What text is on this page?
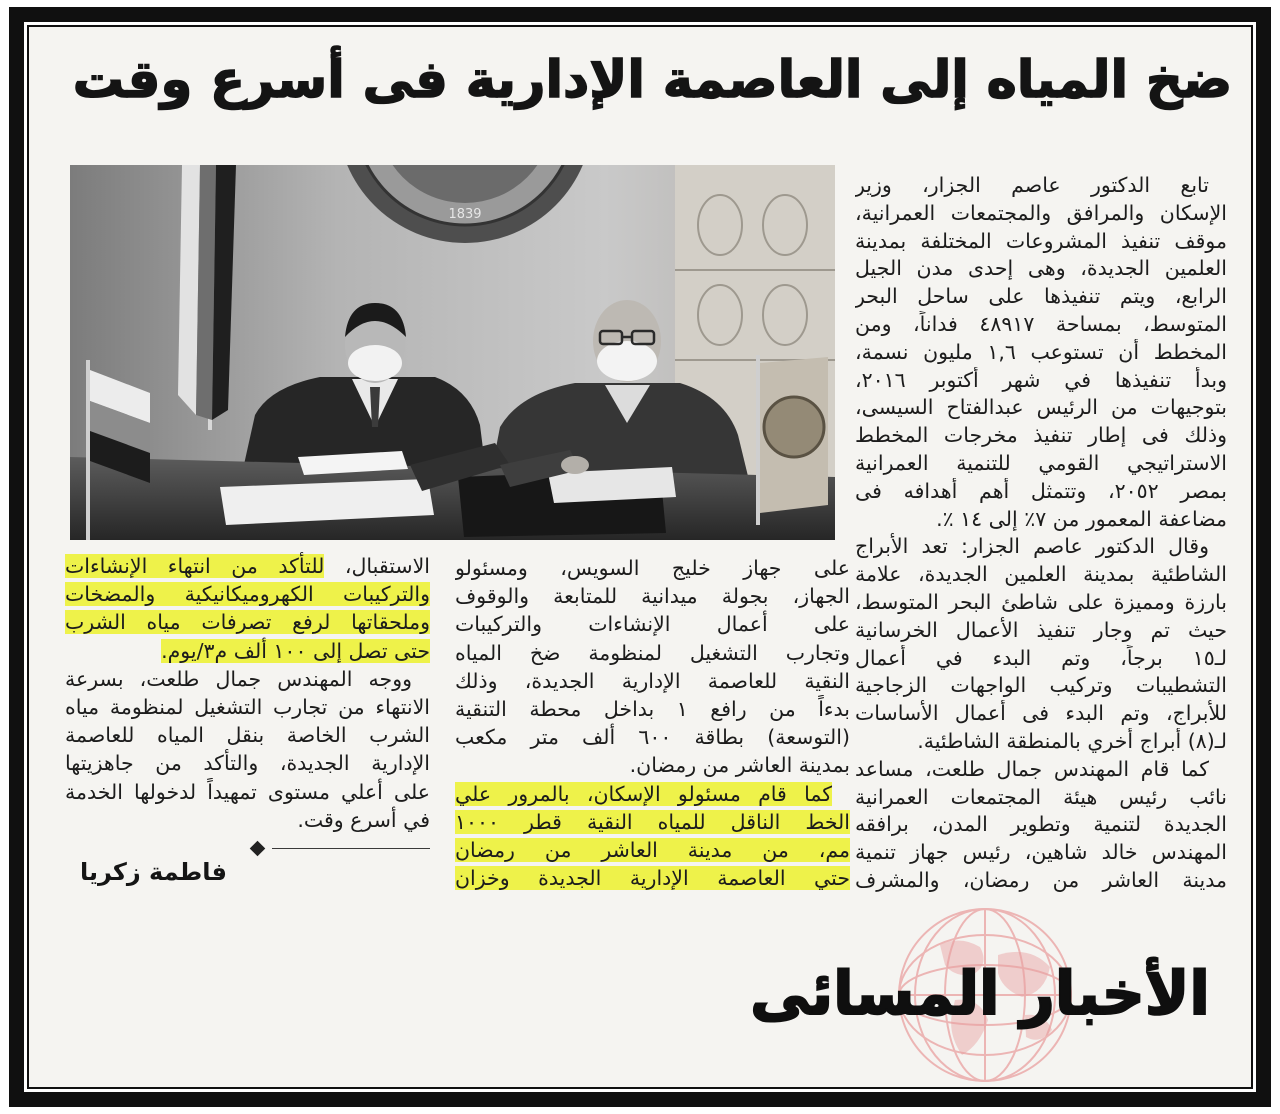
ضخ المياه إلى العاصمة الإدارية فى أسرع وقت
1839
تابع الدكتور عاصم الجزار، وزير
الإسكان والمرافق والمجتمعات العمرانية،
موقف تنفيذ المشروعات المختلفة بمدينة
العلمين الجديدة، وهى إحدى مدن الجيل
الرابع، ويتم تنفيذها على ساحل البحر
المتوسط، بمساحة ٤٨٩١٧ فداناً، ومن
المخطط أن تستوعب ١,٦ مليون نسمة،
وبدأ تنفيذها في شهر أكتوبر ٢٠١٦،
بتوجيهات من الرئيس عبدالفتاح السيسى،
وذلك فى إطار تنفيذ مخرجات المخطط
الاستراتيجي القومي للتنمية العمرانية
بمصر ٢٠٥٢، وتتمثل أهم أهدافه فى
مضاعفة المعمور من ٧٪ إلى ١٤ ٪.
وقال الدكتور عاصم الجزار: تعد الأبراج
الشاطئية بمدينة العلمين الجديدة، علامة
بارزة ومميزة على شاطئ البحر المتوسط،
حيث تم وجار تنفيذ الأعمال الخرسانية
لـ١٥ برجاً، وتم البدء في أعمال
التشطيبات وتركيب الواجهات الزجاجية
للأبراج، وتم البدء فى أعمال الأساسات
لـ(٨) أبراج أخري بالمنطقة الشاطئية.
كما قام المهندس جمال طلعت، مساعد
نائب رئيس هيئة المجتمعات العمرانية
الجديدة لتنمية وتطوير المدن، برافقه
المهندس خالد شاهين، رئيس جهاز تنمية
مدينة العاشر من رمضان، والمشرف
على جهاز خليج السويس، ومسئولو
الجهاز، بجولة ميدانية للمتابعة والوقوف
على أعمال الإنشاءات والتركيبات
وتجارب التشغيل لمنظومة ضخ المياه
النقية للعاصمة الإدارية الجديدة، وذلك
بدءاً من رافع ١ بداخل محطة التنقية
(التوسعة) بطاقة ٦٠٠ ألف متر مكعب
بمدينة العاشر من رمضان.
كما قام مسئولو الإسكان، بالمرور علي
الخط الناقل للمياه النقية قطر ١٠٠٠
مم، من مدينة العاشر من رمضان
حتي العاصمة الإدارية الجديدة وخزان
الاستقبال، للتأكد من انتهاء الإنشاءات
والتركيبات الكهروميكانيكية والمضخات
وملحقاتها لرفع تصرفات مياه الشرب
حتى تصل إلى ١٠٠ ألف م٣/يوم.
ووجه المهندس جمال طلعت، بسرعة
الانتهاء من تجارب التشغيل لمنظومة مياه
الشرب الخاصة بنقل المياه للعاصمة
الإدارية الجديدة، والتأكد من جاهزيتها
على أعلي مستوى تمهيداً لدخولها الخدمة
في أسرع وقت.
فاطمة زكريا
الأخبار المسائى
